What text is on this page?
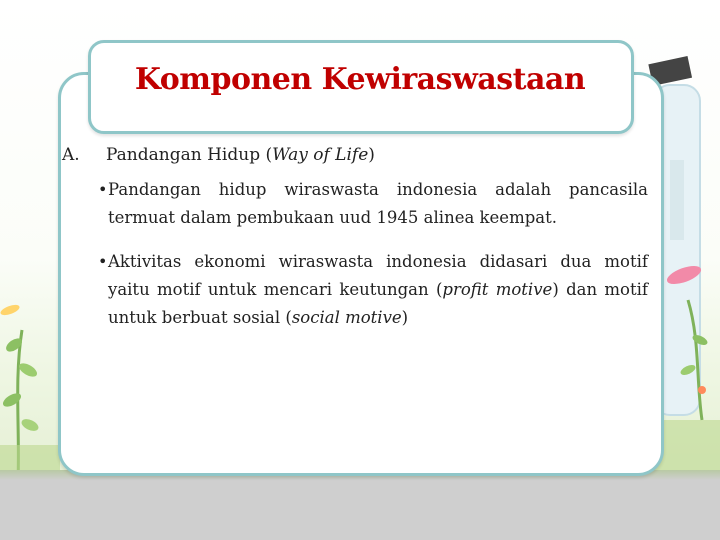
Komponen Kewiraswastaan
A. Pandangan Hidup (Way of Life)
• Pandangan hidup wiraswasta indonesia adalah pancasila termuat dalam pembukaan uud 1945 alinea keempat.
• Aktivitas ekonomi wiraswasta indonesia didasari dua motif yaitu motif untuk mencari keutungan (profit motive) dan motif untuk berbuat sosial (social motive)
